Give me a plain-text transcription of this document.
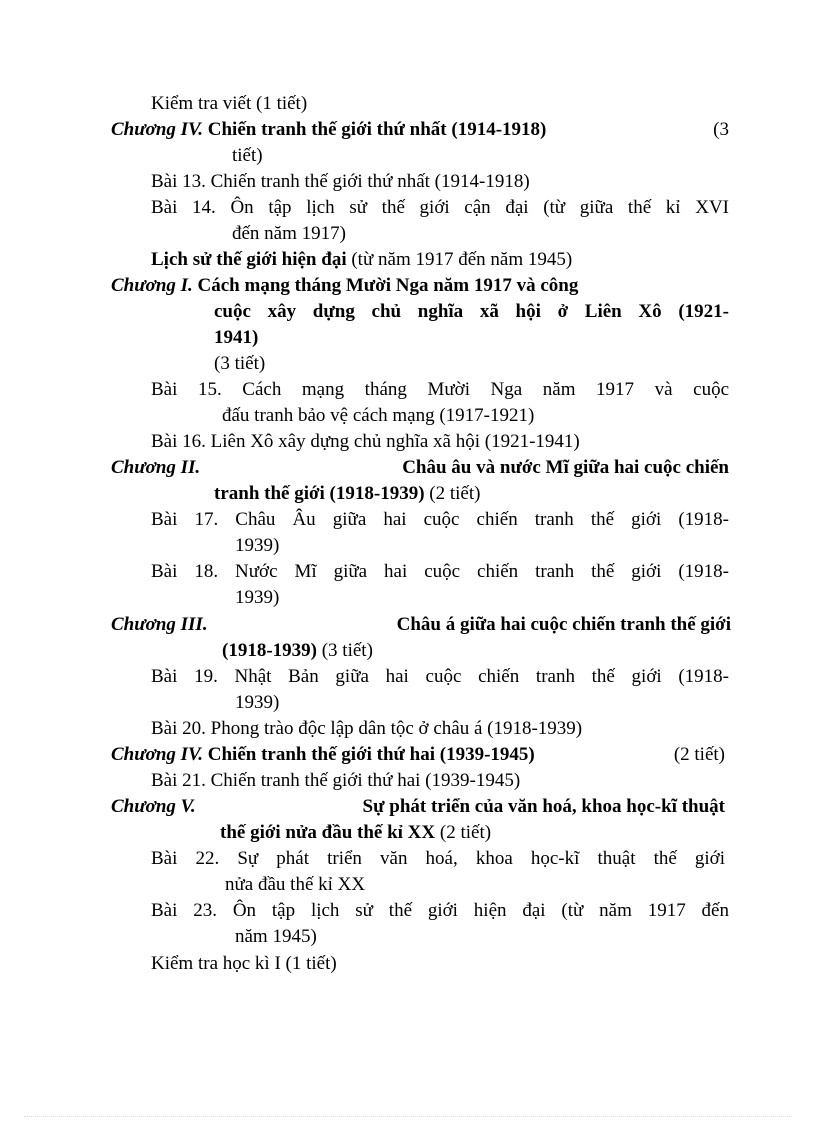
Kiểm tra viết (1 tiết)
Chương IV. Chiến tranh thế giới thứ nhất (1914-1918)	(3
tiết)
Bài 13. Chiến tranh thế giới thứ nhất (1914-1918)
Bài 14. Ôn tập lịch sử thế giới cận đại (từ giữa thế kỉ XVI
đến năm 1917)
Lịch sử thế giới hiện đại (từ năm 1917 đến năm 1945)
Chương I. Cách mạng tháng Mười Nga năm 1917 và công
cuộc xây dựng chủ nghĩa xã hội ở Liên Xô (1921-
1941)
(3 tiết)
Bài 15. Cách mạng tháng Mười Nga năm 1917 và cuộc
đấu tranh bảo vệ cách mạng (1917-1921)
Bài 16. Liên Xô xây dựng chủ nghĩa xã hội (1921-1941)
Chương II.	Châu âu và nước Mĩ giữa hai cuộc chiến
tranh thế giới (1918-1939) (2 tiết)
Bài 17. Châu Âu giữa hai cuộc chiến tranh thế giới (1918-
1939)
Bài 18. Nước Mĩ giữa hai cuộc chiến tranh thế giới (1918-
1939)
Chương III.	Châu á giữa hai cuộc chiến tranh thế giới
(1918-1939) (3 tiết)
Bài 19. Nhật Bản giữa hai cuộc chiến tranh thế giới (1918-
1939)
Bài 20. Phong trào độc lập dân tộc ở châu á (1918-1939)
Chương IV. Chiến tranh thế giới thứ hai (1939-1945)	(2 tiết)
Bài 21. Chiến tranh thế giới thứ hai (1939-1945)
Chương V.	Sự phát triển của văn hoá, khoa học-kĩ thuật
thế giới nửa đầu thế kỉ XX (2 tiết)
Bài 22. Sự phát triển văn hoá, khoa học-kĩ thuật thế giới
nửa đầu thế kỉ XX
Bài 23. Ôn tập lịch sử thế giới hiện đại (từ năm 1917 đến
năm 1945)
Kiểm tra học kì I (1 tiết)
